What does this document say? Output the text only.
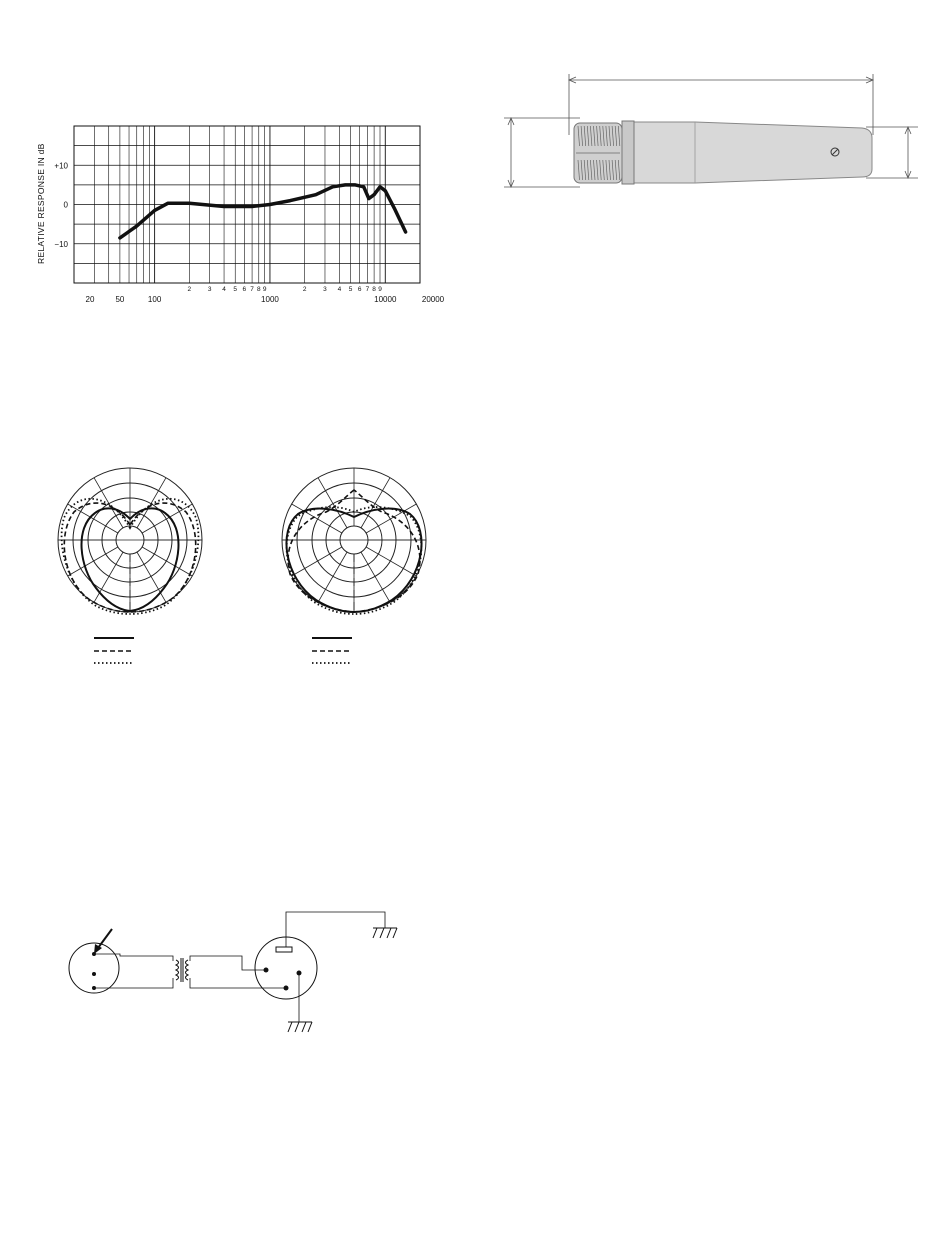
+10
0
−10
20	50	100	1000	10000	20000
2	3 4 5 6 7 8 9	2	3 4 5 6 7 8 9
RELATIVE RESPONSE IN dB
